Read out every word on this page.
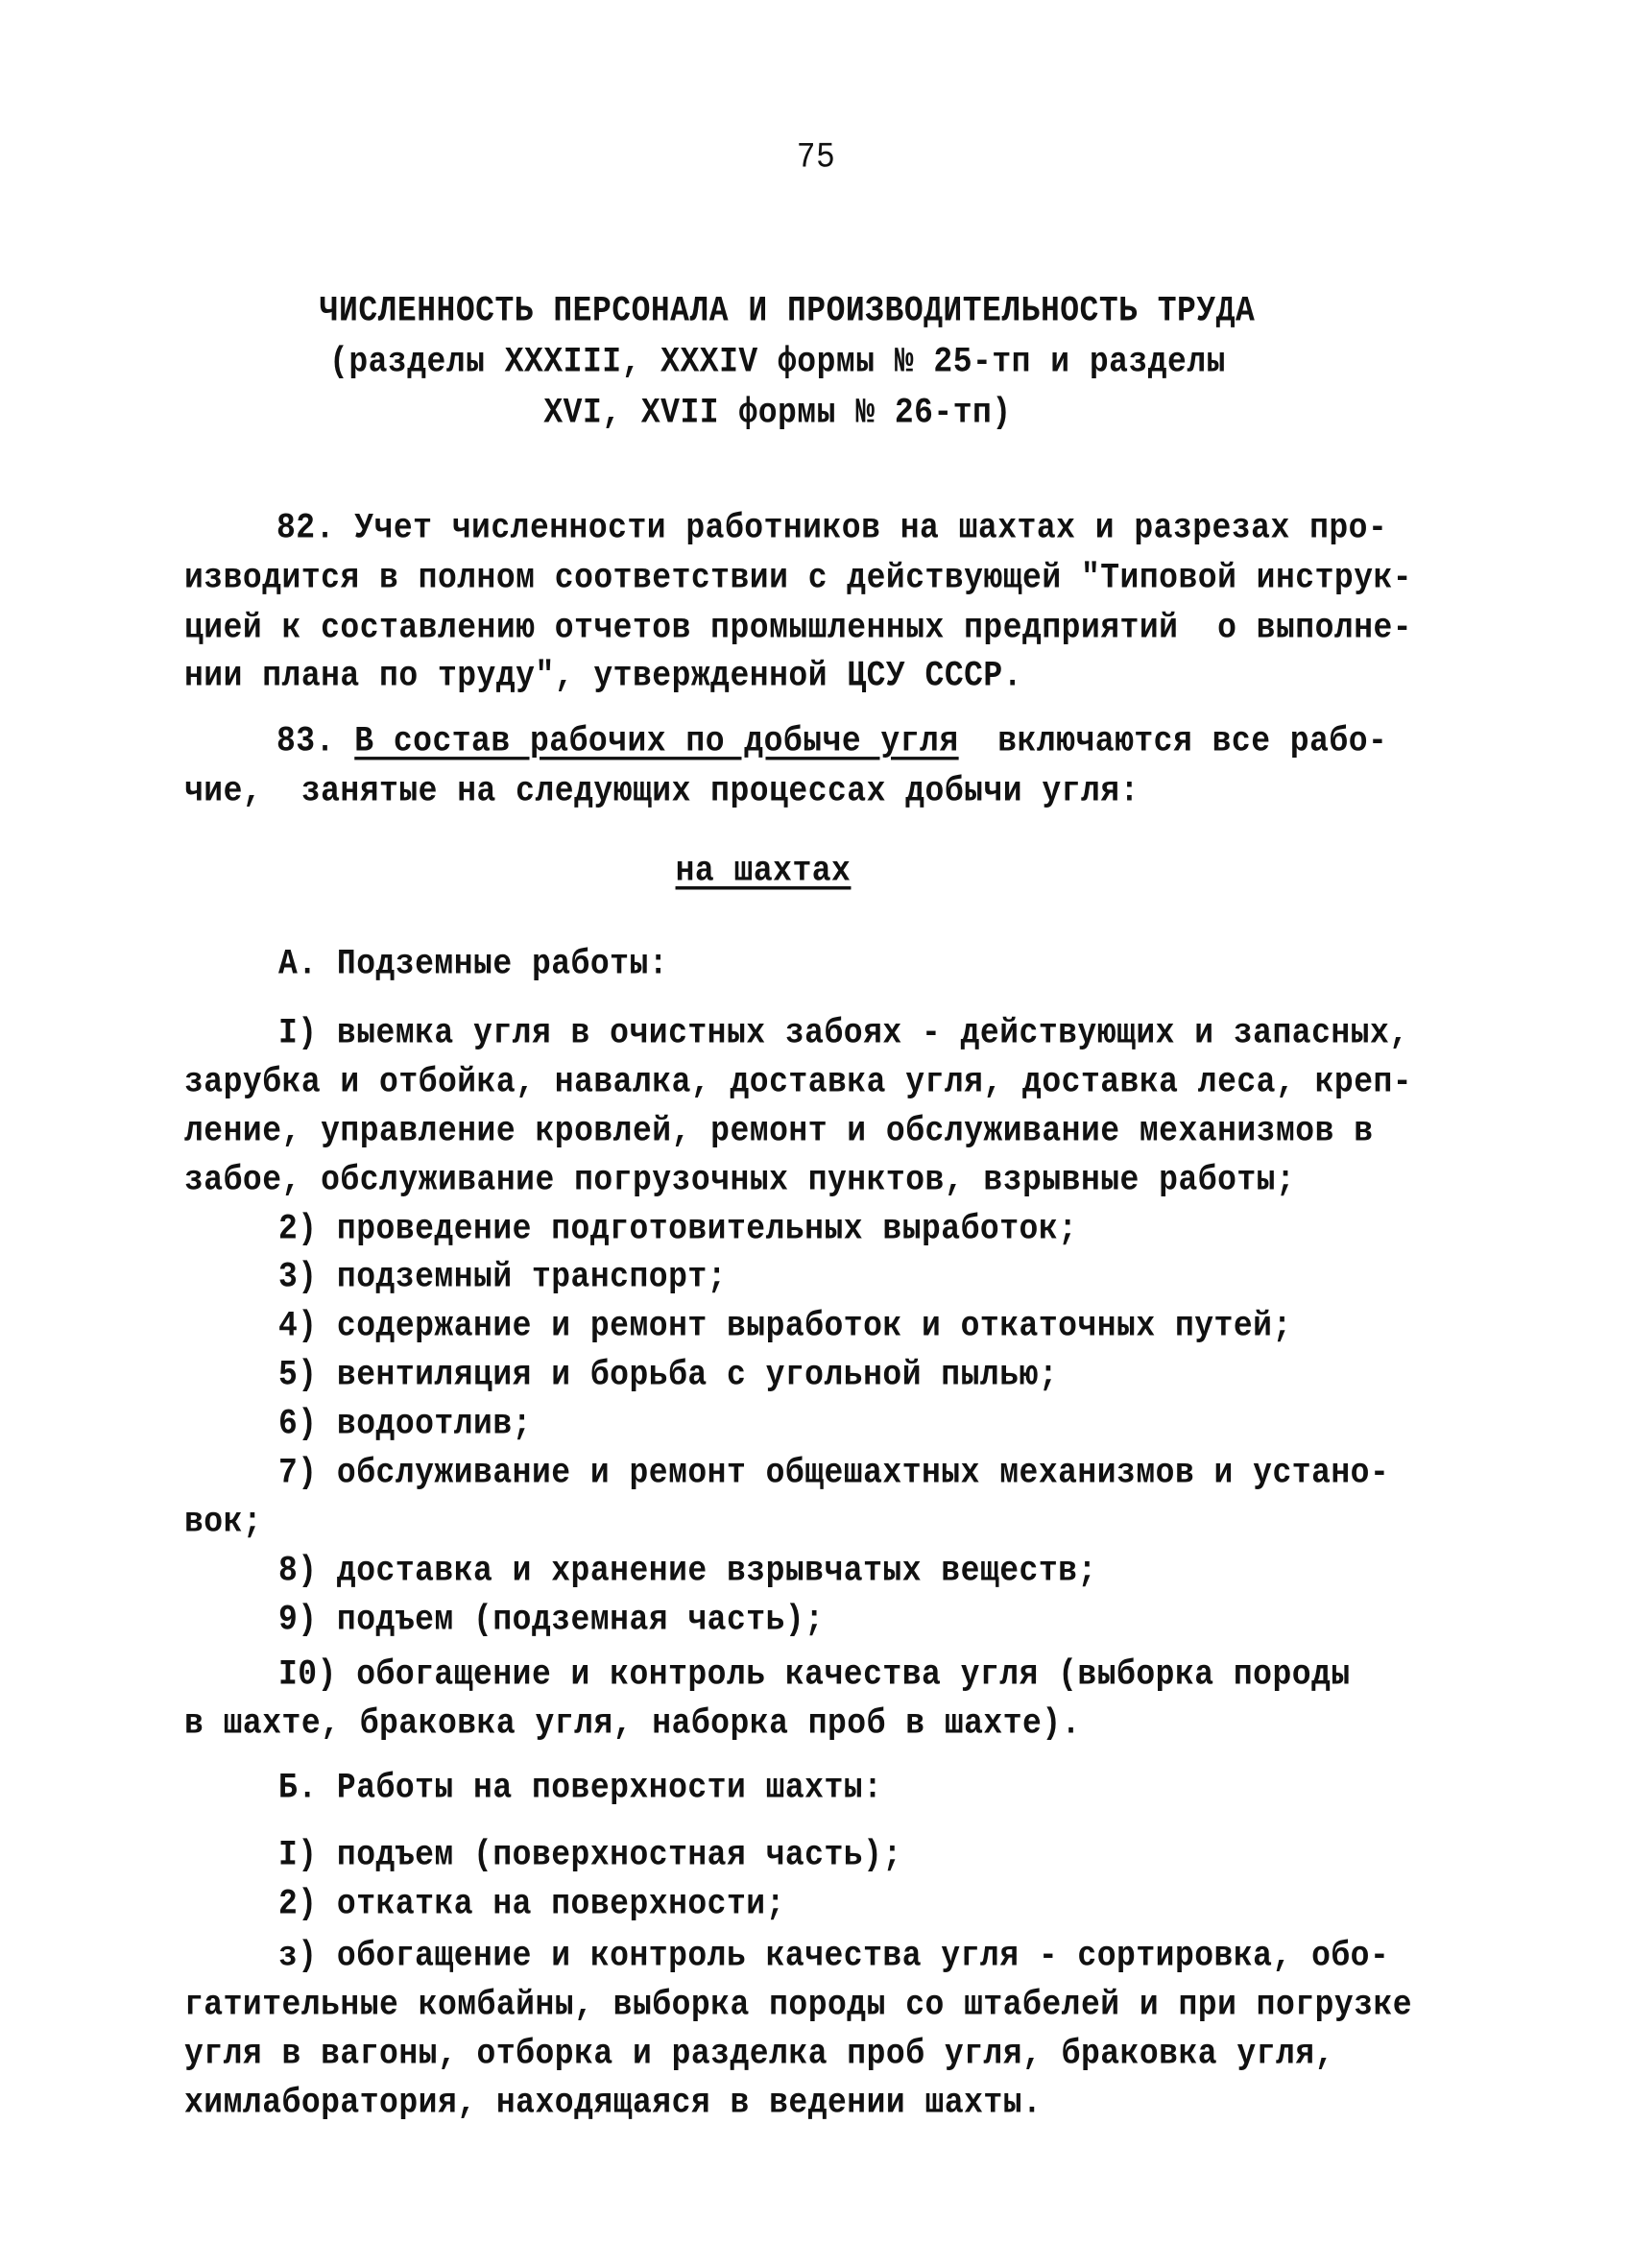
75
ЧИСЛЕННОСТЬ ПЕРСОНАЛА И ПРОИЗВОДИТЕЛЬНОСТЬ ТРУДА
(разделы XXXIII, XXXIV формы № 25-тп и разделы
XVI, XVII формы № 26-тп)
82. Учет численности работников на шахтах и разрезах про-
изводится в полном соответствии с действующей "Типовой инструк-
цией к составлению отчетов промышленных предприятий  о выполне-
нии плана по труду", утвержденной ЦСУ СССР.
83. В состав рабочих по добыче угля  включаются все рабо-
чие,  занятые на следующих процессах добычи угля:
на шахтах
А. Подземные работы:
I) выемка угля в очистных забоях - действующих и запасных,
зарубка и отбойка, навалка, доставка угля, доставка леса, креп-
ление, управление кровлей, ремонт и обслуживание механизмов в
забое, обслуживание погрузочных пунктов, взрывные работы;
2) проведение подготовительных выработок;
3) подземный транспорт;
4) содержание и ремонт выработок и откаточных путей;
5) вентиляция и борьба с угольной пылью;
6) водоотлив;
7) обслуживание и ремонт общешахтных механизмов и устано-
вок;
8) доставка и хранение взрывчатых веществ;
9) подъем (подземная часть);
I0) обогащение и контроль качества угля (выборка породы
в шахте, браковка угля, наборка проб в шахте).
Б. Работы на поверхности шахты:
I) подъем (поверхностная часть);
2) откатка на поверхности;
з) обогащение и контроль качества угля - сортировка, обо-
гатительные комбайны, выборка породы со штабелей и при погрузке
угля в вагоны, отборка и разделка проб угля, браковка угля,
химлаборатория, находящаяся в ведении шахты.
